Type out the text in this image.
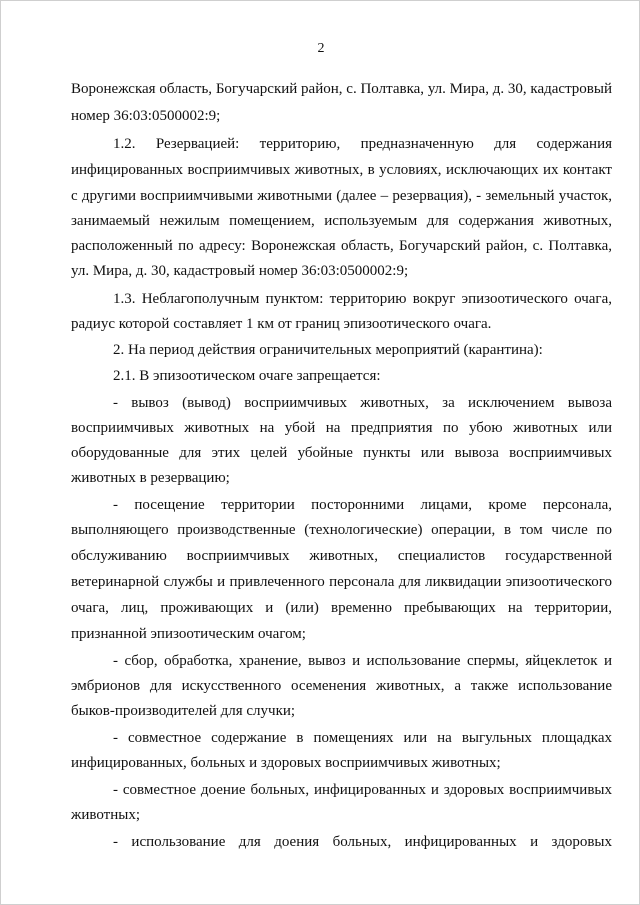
2
Воронежская область, Богучарский район, с. Полтавка, ул. Мира, д. 30, кадастровый
номер 36:03:0500002:9;
1.2. Резервацией: территорию, предназначенную для содержания
инфицированных восприимчивых животных, в условиях, исключающих их контакт
с другими восприимчивыми животными (далее – резервация), - земельный участок,
занимаемый нежилым помещением, используемым для содержания животных,
расположенный по адресу: Воронежская область, Богучарский район, с. Полтавка,
ул. Мира, д. 30, кадастровый номер 36:03:0500002:9;
1.3. Неблагополучным пунктом: территорию вокруг эпизоотического очага,
радиус которой составляет 1 км от границ эпизоотического очага.
2. На период действия ограничительных мероприятий (карантина):
2.1. В эпизоотическом очаге запрещается:
- вывоз (вывод) восприимчивых животных, за исключением вывоза
восприимчивых животных на убой на предприятия по убою животных или
оборудованные для этих целей убойные пункты или вывоза восприимчивых
животных в резервацию;
- посещение территории посторонними лицами, кроме персонала,
выполняющего производственные (технологические) операции, в том числе по
обслуживанию восприимчивых животных, специалистов государственной
ветеринарной службы и привлеченного персонала для ликвидации эпизоотического
очага, лиц, проживающих и (или) временно пребывающих на территории,
признанной эпизоотическим очагом;
- сбор, обработка, хранение, вывоз и использование спермы, яйцеклеток и
эмбрионов для искусственного осеменения животных, а также использование
быков-производителей для случки;
- совместное содержание в помещениях или на выгульных площадках
инфицированных, больных и здоровых восприимчивых животных;
- совместное доение больных, инфицированных и здоровых восприимчивых
животных;
- использование для доения больных, инфицированных и здоровых
